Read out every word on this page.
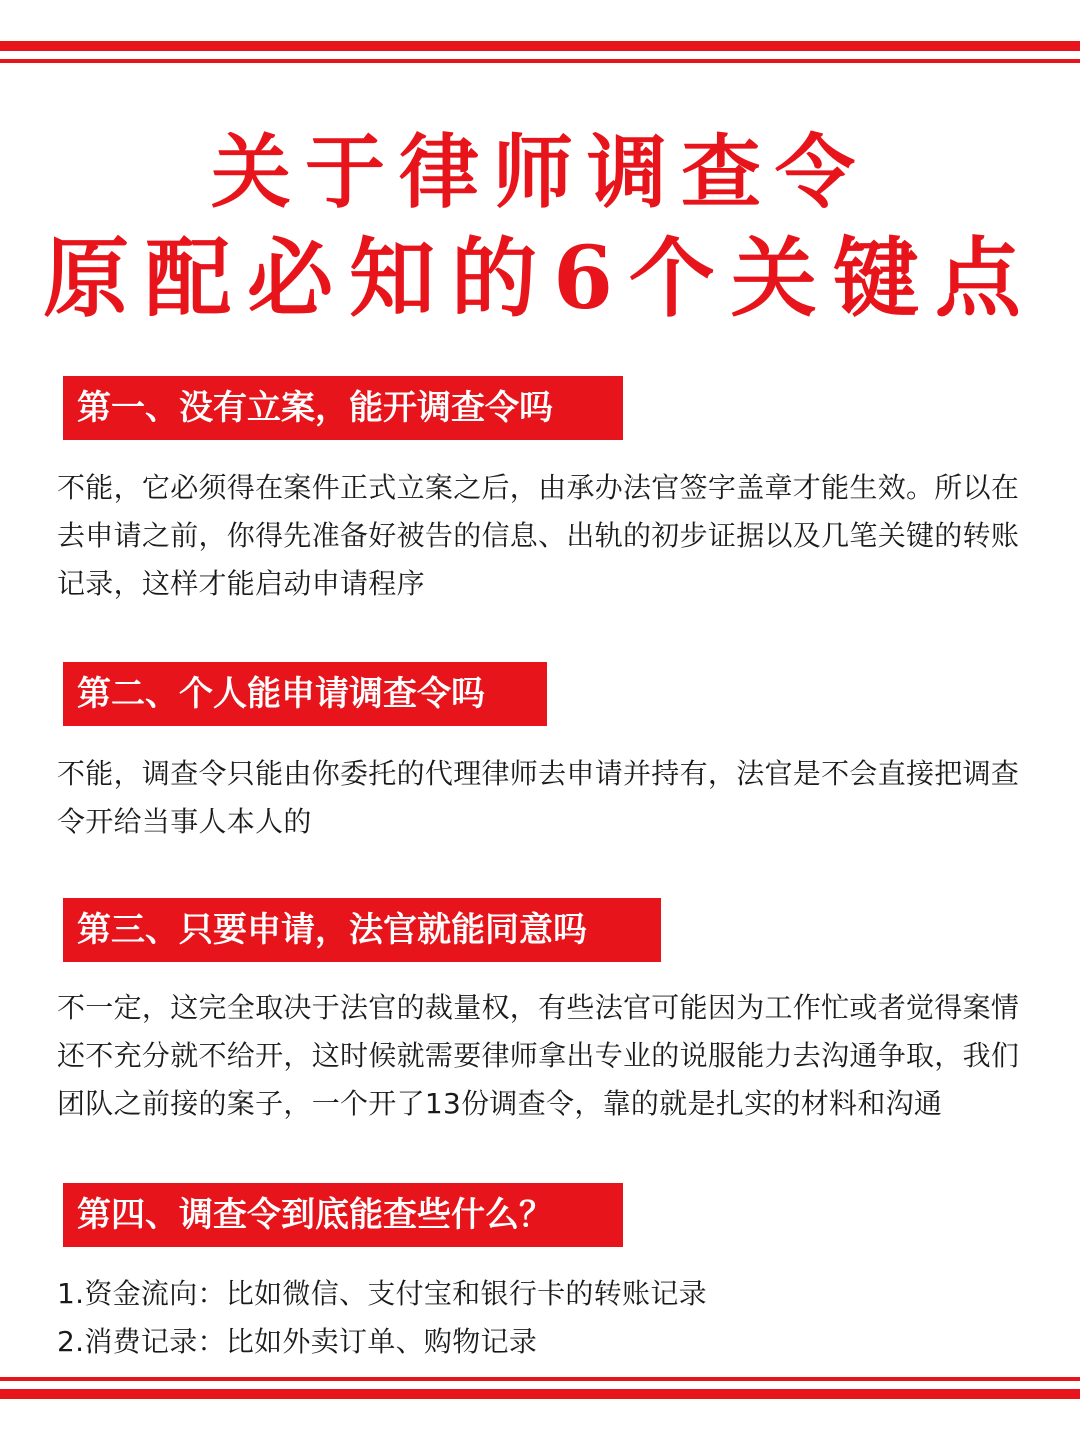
关于律师调查令
原配必知的6个关键点
第一、没有立案，能开调查令吗
不能，它必须得在案件正式立案之后，由承办法官签字盖章才能生效。所以在去申请之前，你得先准备好被告的信息、出轨的初步证据以及几笔关键的转账记录，这样才能启动申请程序
第二、个人能申请调查令吗
不能，调查令只能由你委托的代理律师去申请并持有，法官是不会直接把调查令开给当事人本人的
第三、只要申请，法官就能同意吗
不一定，这完全取决于法官的裁量权，有些法官可能因为工作忙或者觉得案情还不充分就不给开，这时候就需要律师拿出专业的说服能力去沟通争取，我们团队之前接的案子，一个开了13份调查令，靠的就是扎实的材料和沟通
第四、调查令到底能查些什么？
1.资金流向：比如微信、支付宝和银行卡的转账记录
2.消费记录：比如外卖订单、购物记录
